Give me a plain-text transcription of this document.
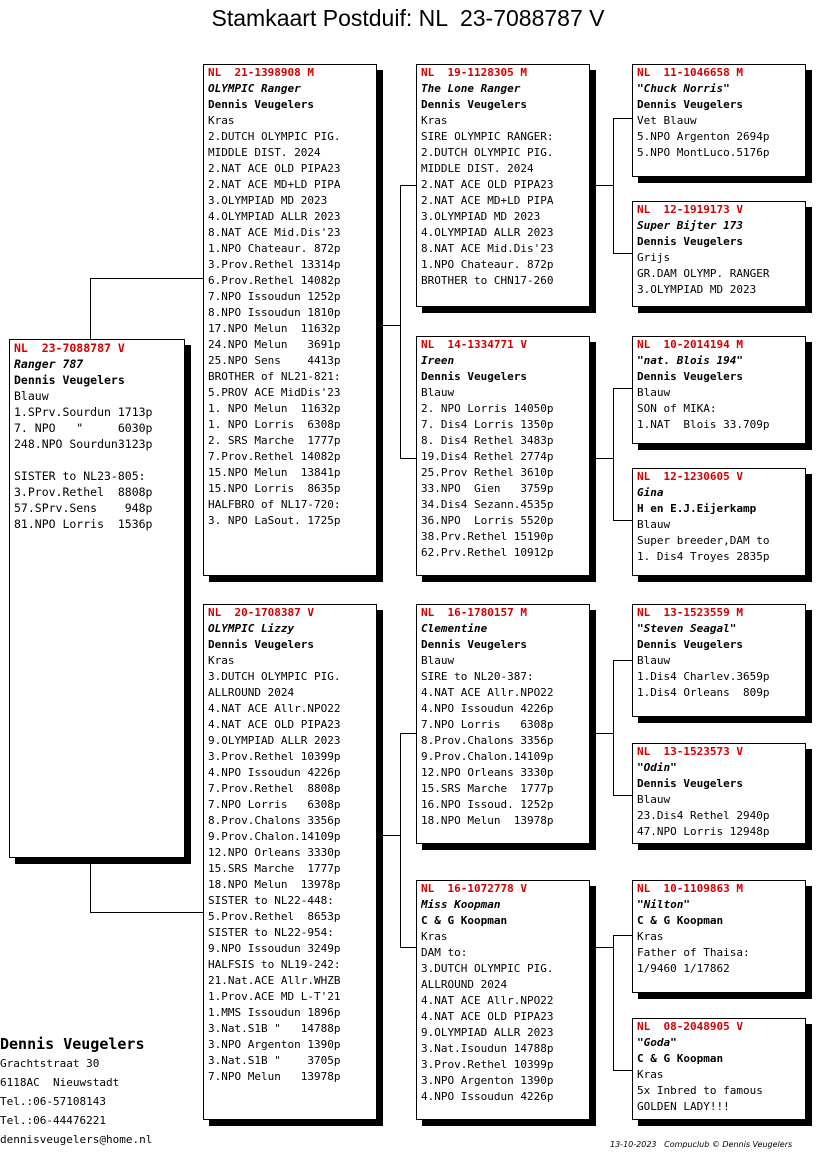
Stamkaart Postduif: NL  23-7088787 V
NL  23-7088787 V
Ranger 787
Dennis Veugelers
Blauw
1.SPrv.Sourdun 1713p
7. NPO   "     6030p
248.NPO Sourdun3123p
SISTER to NL23-805:
3.Prov.Rethel  8808p
57.SPrv.Sens    948p
81.NPO Lorris  1536p
NL  21-1398908 M
OLYMPIC Ranger
Dennis Veugelers
Kras
2.DUTCH OLYMPIC PIG.
MIDDLE DIST. 2024
2.NAT ACE OLD PIPA23
2.NAT ACE MD+LD PIPA
3.OLYMPIAD MD 2023
4.OLYMPIAD ALLR 2023
8.NAT ACE Mid.Dis'23
1.NPO Chateaur. 872p
3.Prov.Rethel 13314p
6.Prov.Rethel 14082p
7.NPO Issoudun 1252p
8.NPO Issoudun 1810p
17.NPO Melun  11632p
24.NPO Melun   3691p
25.NPO Sens    4413p
BROTHER of NL21-821:
5.PROV ACE MidDis'23
1. NPO Melun  11632p
1. NPO Lorris  6308p
2. SRS Marche  1777p
7.Prov.Rethel 14082p
15.NPO Melun  13841p
15.NPO Lorris  8635p
HALFBRO of NL17-720:
3. NPO LaSout. 1725p
NL  20-1708387 V
OLYMPIC Lizzy
Dennis Veugelers
Kras
3.DUTCH OLYMPIC PIG.
ALLROUND 2024
4.NAT ACE Allr.NPO22
4.NAT ACE OLD PIPA23
9.OLYMPIAD ALLR 2023
3.Prov.Rethel 10399p
4.NPO Issoudun 4226p
7.Prov.Rethel  8808p
7.NPO Lorris   6308p
8.Prov.Chalons 3356p
9.Prov.Chalon.14109p
12.NPO Orleans 3330p
15.SRS Marche  1777p
18.NPO Melun  13978p
SISTER to NL22-448:
5.Prov.Rethel  8653p
SISTER to NL22-954:
9.NPO Issoudun 3249p
HALFSIS to NL19-242:
21.Nat.ACE Allr.WHZB
1.Prov.ACE MD L-T'21
1.MMS Issoudun 1896p
3.Nat.S1B "   14788p
3.NPO Argenton 1390p
3.Nat.S1B "    3705p
7.NPO Melun   13978p
NL  19-1128305 M
The Lone Ranger
Dennis Veugelers
Kras
SIRE OLYMPIC RANGER:
2.DUTCH OLYMPIC PIG.
MIDDLE DIST. 2024
2.NAT ACE OLD PIPA23
2.NAT ACE MD+LD PIPA
3.OLYMPIAD MD 2023
4.OLYMPIAD ALLR 2023
8.NAT ACE Mid.Dis'23
1.NPO Chateaur. 872p
BROTHER to CHN17-260
NL  14-1334771 V
Ireen
Dennis Veugelers
Blauw
2. NPO Lorris 14050p
7. Dis4 Lorris 1350p
8. Dis4 Rethel 3483p
19.Dis4 Rethel 2774p
25.Prov Rethel 3610p
33.NPO  Gien   3759p
34.Dis4 Sezann.4535p
36.NPO  Lorris 5520p
38.Prv.Rethel 15190p
62.Prv.Rethel 10912p
NL  16-1780157 M
Clementine
Dennis Veugelers
Blauw
SIRE to NL20-387:
4.NAT ACE Allr.NPO22
4.NPO Issoudun 4226p
7.NPO Lorris   6308p
8.Prov.Chalons 3356p
9.Prov.Chalon.14109p
12.NPO Orleans 3330p
15.SRS Marche  1777p
16.NPO Issoud. 1252p
18.NPO Melun  13978p
NL  16-1072778 V
Miss Koopman
C & G Koopman
Kras
DAM to:
3.DUTCH OLYMPIC PIG.
ALLROUND 2024
4.NAT ACE Allr.NPO22
4.NAT ACE OLD PIPA23
9.OLYMPIAD ALLR 2023
3.Nat.Isoudun 14788p
3.Prov.Rethel 10399p
3.NPO Argenton 1390p
4.NPO Issoudun 4226p
NL  11-1046658 M
"Chuck Norris"
Dennis Veugelers
Vet Blauw
5.NPO Argenton 2694p
5.NPO MontLuco.5176p
NL  12-1919173 V
Super Bijter 173
Dennis Veugelers
Grijs
GR.DAM OLYMP. RANGER
3.OLYMPIAD MD 2023
NL  10-2014194 M
"nat. Blois 194"
Dennis Veugelers
Blauw
SON of MIKA:
1.NAT  Blois 33.709p
NL  12-1230605 V
Gina
H en E.J.Eijerkamp
Blauw
Super breeder,DAM to
1. Dis4 Troyes 2835p
NL  13-1523559 M
"Steven Seagal"
Dennis Veugelers
Blauw
1.Dis4 Charlev.3659p
1.Dis4 Orleans  809p
NL  13-1523573 V
"Odin"
Dennis Veugelers
Blauw
23.Dis4 Rethel 2940p
47.NPO Lorris 12948p
NL  10-1109863 M
"Nilton"
C & G Koopman
Kras
Father of Thaisa:
1/9460 1/17862
NL  08-2048905 V
"Goda"
C & G Koopman
Kras
5x Inbred to famous
GOLDEN LADY!!!
Dennis Veugelers
Grachtstraat 30
6118AC  Nieuwstadt
Tel.:06-57108143
Tel.:06-44476221
dennisveugelers@home.nl	13-10-2023   Compuclub © Dennis Veugelers
